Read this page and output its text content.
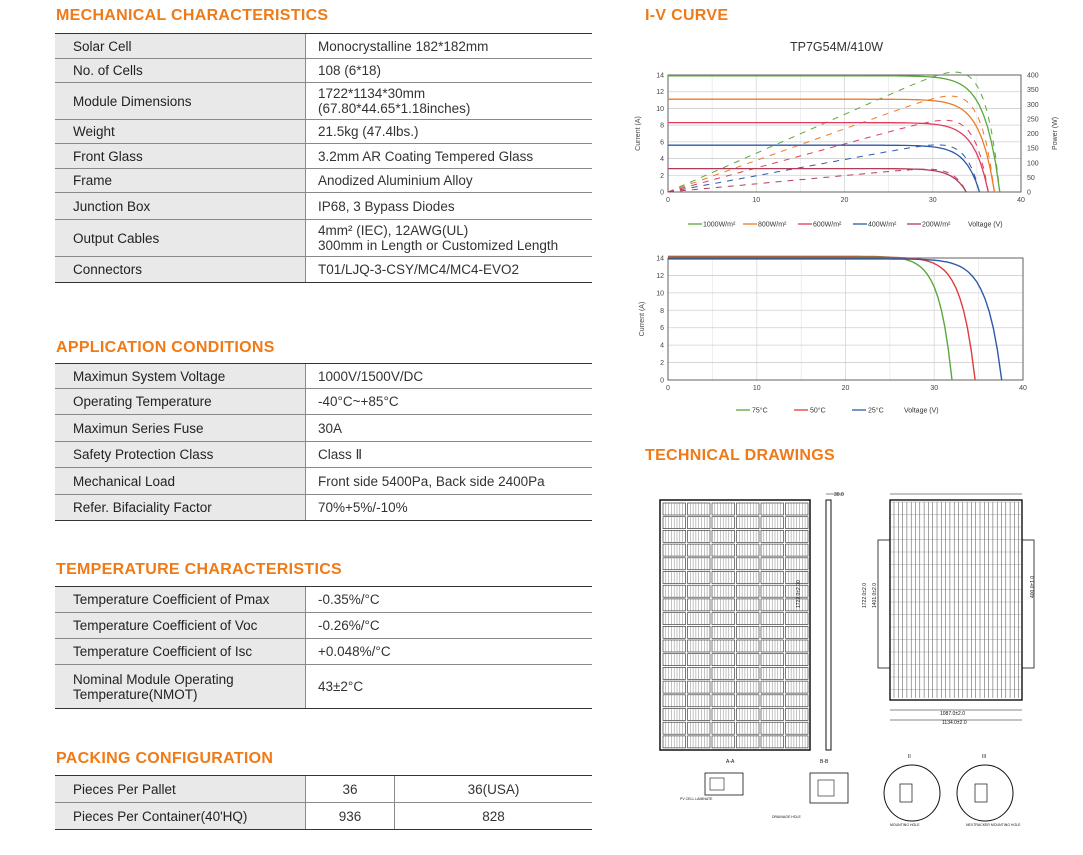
MECHANICAL CHARACTERISTICS
Solar Cell	Monocrystalline 182*182mm

No. of Cells	108 (6*18)

Module Dimensions	1722*1134*30mm
(67.80*44.65*1.18inches)

Weight	21.5kg (47.4lbs.)

Front Glass	3.2mm AR Coating Tempered Glass

Frame	Anodized Aluminium Alloy

Junction Box	IP68, 3 Bypass Diodes

Output Cables	4mm² (IEC), 12AWG(UL)
300mm in Length or Customized Length

Connectors	T01/LJQ-3-CSY/MC4/MC4-EVO2
APPLICATION CONDITIONS
Maximun System Voltage	1000V/1500V/DC

Operating Temperature	-40°C~+85°C

Maximun Series Fuse	30A

Safety Protection Class	Class Ⅱ

Mechanical Load	Front side 5400Pa, Back side 2400Pa

Refer. Bifaciality Factor	70%+5%/-10%
TEMPERATURE CHARACTERISTICS
Temperature Coefficient of Pmax	-0.35%/°C

Temperature Coefficient of Voc	-0.26%/°C

Temperature Coefficient of Isc	+0.048%/°C

Nominal Module Operating
Temperature(NMOT)	43±2°C
PACKING CONFIGURATION
Pieces Per Pallet	36	36(USA)

Pieces Per Container(40'HQ)	936	828
I-V CURVE
TP7G54M/410W
0	10	20	30	40
0
2
4
6
8
10
12
14
Current (A)
0
50
100
150
200
250
300
350
400
Power (W)
1000W/m²	800W/m²	600W/m²	400W/m²	200W/m²	Voltage (V)
0	10	20	30	40
0
2
4
6
8
10
12
14
Current (A)
75°C	50°C	25°C	Voltage (V)
TECHNICAL DRAWINGS
30.0
1722.0±2.00
1087.0±2.0
1134.0±2.0
1722.0±2.0 1401.0±2.0	400.0±1.0
A-A
PV CELL LAMINATE
B-B
DRAINAGE HOLE
II
MOUNTING HOLE
III
NEXTRACKER MOUNTING HOLE
